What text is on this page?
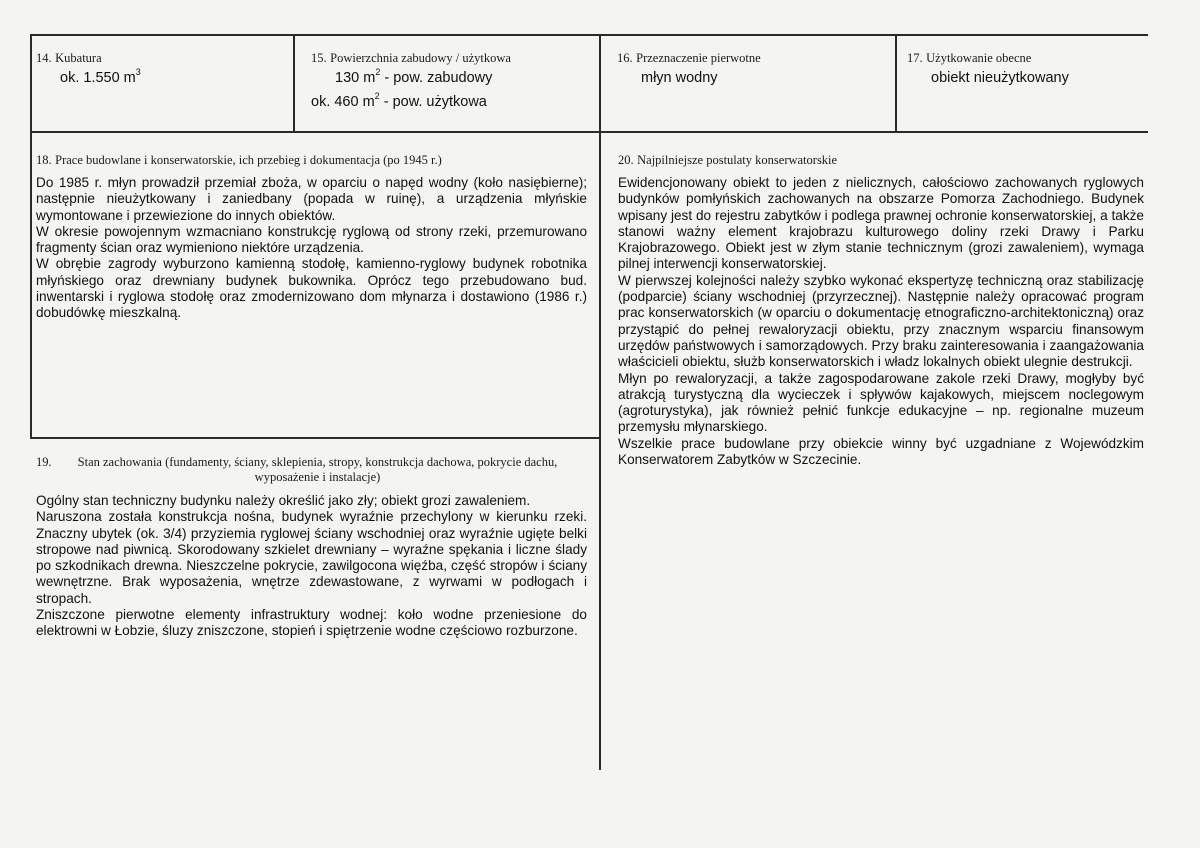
14. Kubatura
ok. 1.550 $m^3$
15. Powierzchnia zabudowy / użytkowa
130 $m^2$ - pow. zabudowy
ok. 460 $m^2$ - pow. użytkowa
16. Przeznaczenie pierwotne
młyn wodny
17. Użytkowanie obecne
obiekt nieużytkowany
18. Prace budowlane i konserwatorskie, ich przebieg i dokumentacja (po 1945 r.)

Do 1985 r. młyn prowadził przemiał zboża, w oparciu o napęd wodny (koło nasiębierne); następnie nieużytkowany i zaniedbany (popada w ruinę), a urządzenia młyńskie wymontowane i przewiezione do innych obiektów.

W okresie powojennym wzmacniano konstrukcję ryglową od strony rzeki, przemurowano fragmenty ścian oraz wymieniono niektóre urządzenia.

W obrębie zagrody wyburzono kamienną stodołę, kamienno-ryglowy budynek robotnika młyńskiego oraz drewniany budynek bukownika. Oprócz tego przebudowano bud. inwentarski i ryglowa stodołę oraz zmodernizowano dom młynarza i dostawiono (1986 r.) dobudówkę mieszkalną.

19.	Stan zachowania (fundamenty, ściany, sklepienia, stropy, konstrukcja dachowa, pokrycie dachu, wyposażenie i instalacje)

Ogólny stan techniczny budynku należy określić jako zły; obiekt grozi zawaleniem.

Naruszona została konstrukcja nośna, budynek wyraźnie przechylony w kierunku rzeki. Znaczny ubytek (ok. 3/4) przyziemia ryglowej ściany wschodniej oraz wyraźnie ugięte belki stropowe nad piwnicą. Skorodowany szkielet drewniany – wyraźne spękania i liczne ślady po szkodnikach drewna. Nieszczelne pokrycie, zawilgocona więźba, część stropów i ściany wewnętrzne. Brak wyposażenia, wnętrze zdewastowane, z wyrwami w podłogach i stropach.

Zniszczone pierwotne elementy infrastruktury wodnej: koło wodne przeniesione do elektrowni w Łobzie, śluzy zniszczone, stopień i spiętrzenie wodne częściowo rozburzone.

20. Najpilniejsze postulaty konserwatorskie

Ewidencjonowany obiekt to jeden z nielicznych, całościowo zachowanych ryglowych budynków pomłyńskich zachowanych na obszarze Pomorza Zachodniego. Budynek wpisany jest do rejestru zabytków i podlega prawnej ochronie konserwatorskiej, a także stanowi ważny element krajobrazu kulturowego doliny rzeki Drawy i Parku Krajobrazowego. Obiekt jest w złym stanie technicznym (grozi zawaleniem), wymaga pilnej interwencji konserwatorskiej.

W pierwszej kolejności należy szybko wykonać ekspertyzę techniczną oraz stabilizację (podparcie) ściany wschodniej (przyrzecznej). Następnie należy opracować program prac konserwatorskich (w oparciu o dokumentację etnograficzno-architektoniczną) oraz przystąpić do pełnej rewaloryzacji obiektu, przy znacznym wsparciu finansowym urzędów państwowych i samorządowych. Przy braku zainteresowania i zaangażowania właścicieli obiektu, służb konserwatorskich i władz lokalnych obiekt ulegnie destrukcji.

Młyn po rewaloryzacji, a także zagospodarowane zakole rzeki Drawy, mogłyby być atrakcją turystyczną dla wycieczek i spływów kajakowych, miejscem noclegowym (agroturystyka), jak również pełnić funkcje edukacyjne – np. regionalne muzeum przemysłu młynarskiego.

Wszelkie prace budowlane przy obiekcie winny być uzgadniane z Wojewódzkim Konserwatorem Zabytków w Szczecinie.
